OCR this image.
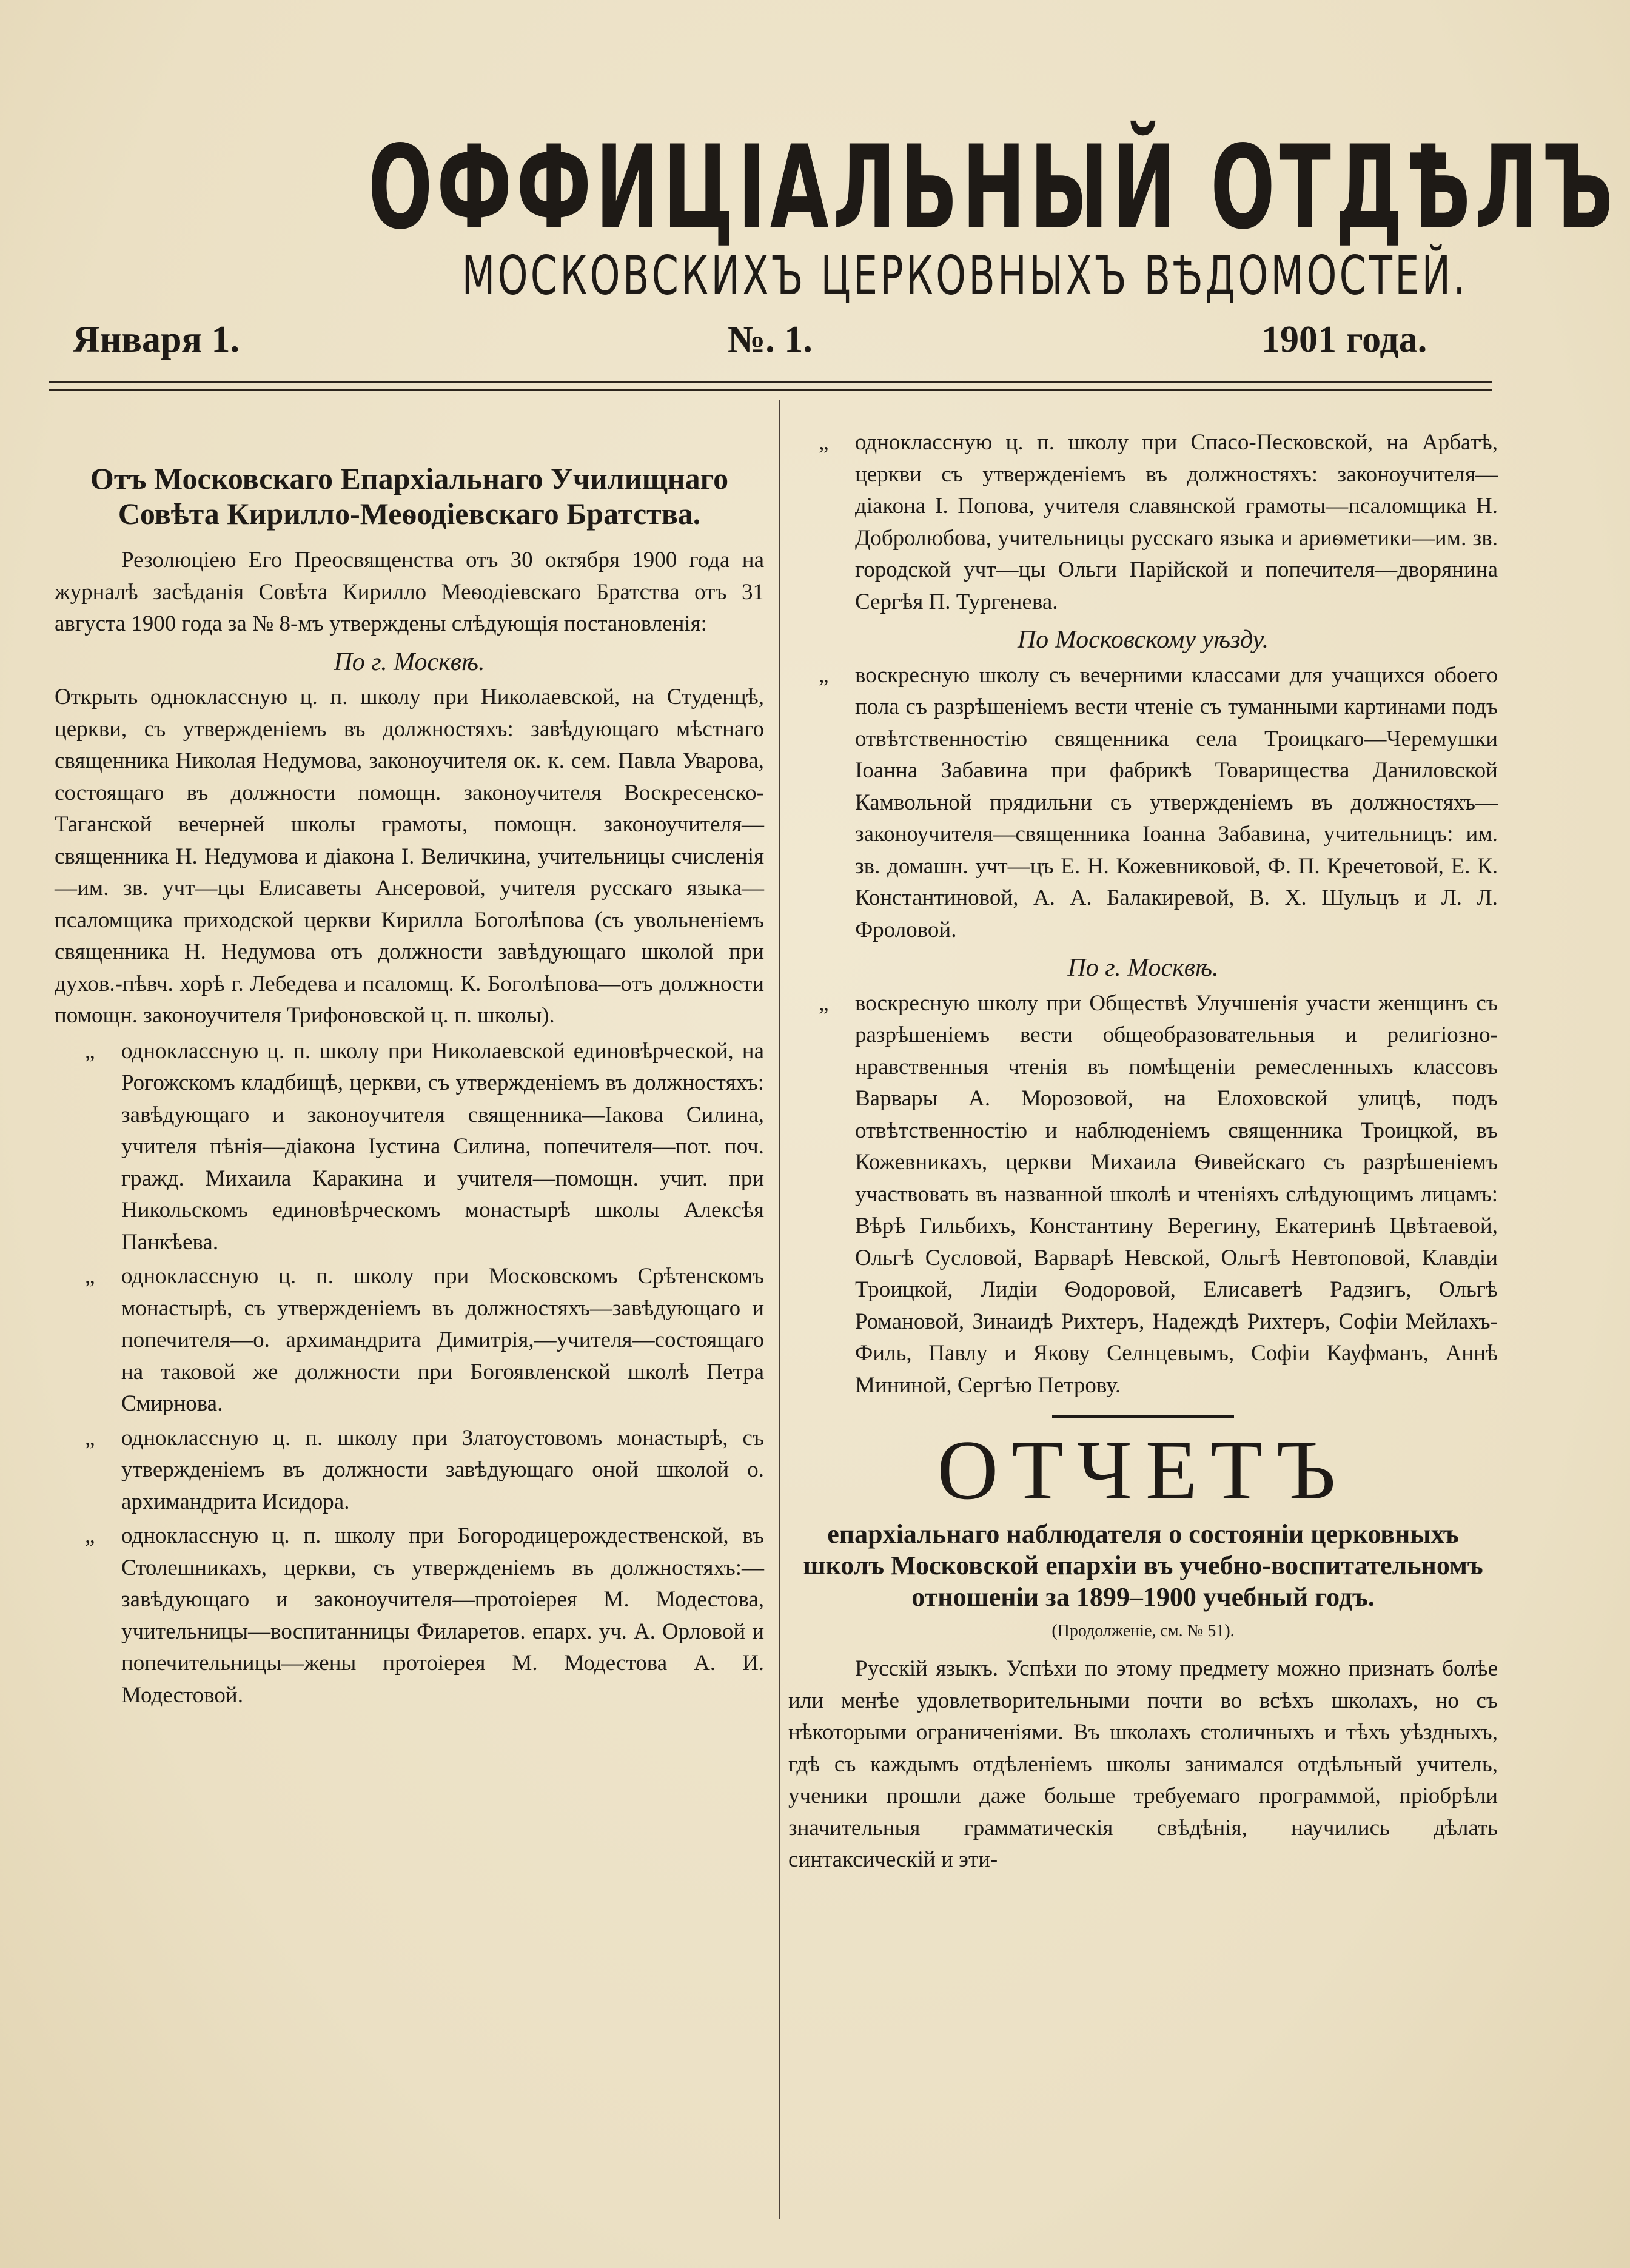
ОФФИЦІАЛЬНЫЙ ОТДѢЛЪ
МОСКОВСКИХЪ ЦЕРКОВНЫХЪ ВѢДОМОСТЕЙ.
Января 1.	№. 1.	1901 года.
Отъ Московскаго Епархіальнаго Училищнаго Совѣта Кирилло-Меѳодіевскаго Братства.

Резолюціею Его Преосвященства отъ 30 октября 1900 года на журналѣ засѣданія Совѣта Кирилло Меѳодіевскаго Братства отъ 31 августа 1900 года за № 8-мъ утверждены слѣдующія постановленія:

По г. Москвѣ.

Открыть одноклассную ц. п. школу при Николаевской, на Студенцѣ, церкви, съ утвержденіемъ въ должностяхъ: завѣдующаго мѣстнаго священника Николая Недумова, законоучителя ок. к. сем. Павла Уварова, состоящаго въ должности помощн. законоучителя Воскресенско-Таганской вечерней школы грамоты, помощн. законоучителя—священника Н. Недумова и діакона І. Величкина, учительницы счисленія—им. зв. учт—цы Елисаветы Ансеровой, учителя русскаго языка—псаломщика приходской церкви Кирилла Боголѣпова (съ увольненіемъ священника Н. Недумова отъ должности завѣдующаго школой при духов.-пѣвч. хорѣ г. Лебедева и псаломщ. К. Боголѣпова—отъ должности помощн. законоучителя Трифоновской ц. п. школы).

„ одноклассную ц. п. школу при Николаевской единовѣрческой, на Рогожскомъ кладбищѣ, церкви, съ утвержденіемъ въ должностяхъ: завѣдующаго и законоучителя священника—Іакова Силина, учителя пѣнія—діакона Іустина Силина, попечителя—пот. поч. гражд. Михаила Каракина и учителя—помощн. учит. при Никольскомъ единовѣрческомъ монастырѣ школы Алексѣя Панкѣева.

„ одноклассную ц. п. школу при Московскомъ Срѣтенскомъ монастырѣ, съ утвержденіемъ въ должностяхъ—завѣдующаго и попечителя—о. архимандрита Димитрія,—учителя—состоящаго на таковой же должности при Богоявленской школѣ Петра Смирнова.

„ одноклассную ц. п. школу при Златоустовомъ монастырѣ, съ утвержденіемъ въ должности завѣдующаго оной школой о. архимандрита Исидора.

„ одноклассную ц. п. школу при Богородицерождественской, въ Столешникахъ, церкви, съ утвержденіемъ въ должностяхъ:—завѣдующаго и законоучителя—протоіерея М. Модестова, учительницы—воспитанницы Филаретов. епарх. уч. А. Орловой и попечительницы—жены протоіерея М. Модестова А. И. Модестовой.

„ одноклассную ц. п. школу при Спасо-Песковской, на Арбатѣ, церкви съ утвержденіемъ въ должностяхъ: законоучителя—діакона І. Попова, учителя славянской грамоты—псаломщика Н. Добролюбова, учительницы русскаго языка и ариѳметики—им. зв. городской учт—цы Ольги Парійской и попечителя—дворянина Сергѣя П. Тургенева.

По Московскому уѣзду.

„ воскресную школу съ вечерними классами для учащихся обоего пола съ разрѣшеніемъ вести чтеніе съ туманными картинами подъ отвѣтственностію священника села Троицкаго—Черемушки Іоанна Забавина при фабрикѣ Товарищества Даниловской Камвольной прядильни съ утвержденіемъ въ должностяхъ—законоучителя—священника Іоанна Забавина, учительницъ: им. зв. домашн. учт—цъ Е. Н. Кожевниковой, Ф. П. Кречетовой, Е. К. Константиновой, А. А. Балакиревой, В. Х. Шульцъ и Л. Л. Фроловой.

По г. Москвѣ.

„ воскресную школу при Обществѣ Улучшенія участи женщинъ съ разрѣшеніемъ вести общеобразовательныя и религіозно-нравственныя чтенія въ помѣщеніи ремесленныхъ классовъ Варвары А. Морозовой, на Елоховской улицѣ, подъ отвѣтственностію и наблюденіемъ священника Троицкой, въ Кожевникахъ, церкви Михаила Ѳивейскаго съ разрѣшеніемъ участвовать въ названной школѣ и чтеніяхъ слѣдующимъ лицамъ: Вѣрѣ Гильбихъ, Константину Верегину, Екатеринѣ Цвѣтаевой, Ольгѣ Сусловой, Варварѣ Невской, Ольгѣ Невтоповой, Клавдіи Троицкой, Лидіи Ѳодоровой, Елисаветѣ Радзигъ, Ольгѣ Романовой, Зинаидѣ Рихтеръ, Надеждѣ Рихтеръ, Софіи Мейлахъ-Филь, Павлу и Якову Селнцевымъ, Софіи Кауфманъ, Аннѣ Мининой, Сергѣю Петрову.

ОТЧЕТЪ
епархіальнаго наблюдателя о состояніи церковныхъ школъ Московской епархіи въ учебно-воспитательномъ отношеніи за 1899–1900 учебный годъ.
(Продолженіе, см. № 51).

Русскій языкъ. Успѣхи по этому предмету можно признать болѣе или менѣе удовлетворительными почти во всѣхъ школахъ, но съ нѣкоторыми ограниченіями. Въ школахъ столичныхъ и тѣхъ уѣздныхъ, гдѣ съ каждымъ отдѣленіемъ школы занимался отдѣльный учитель, ученики прошли даже больше требуемаго программой, пріобрѣли значительныя грамматическія свѣдѣнія, научились дѣлать синтаксическій и эти-
